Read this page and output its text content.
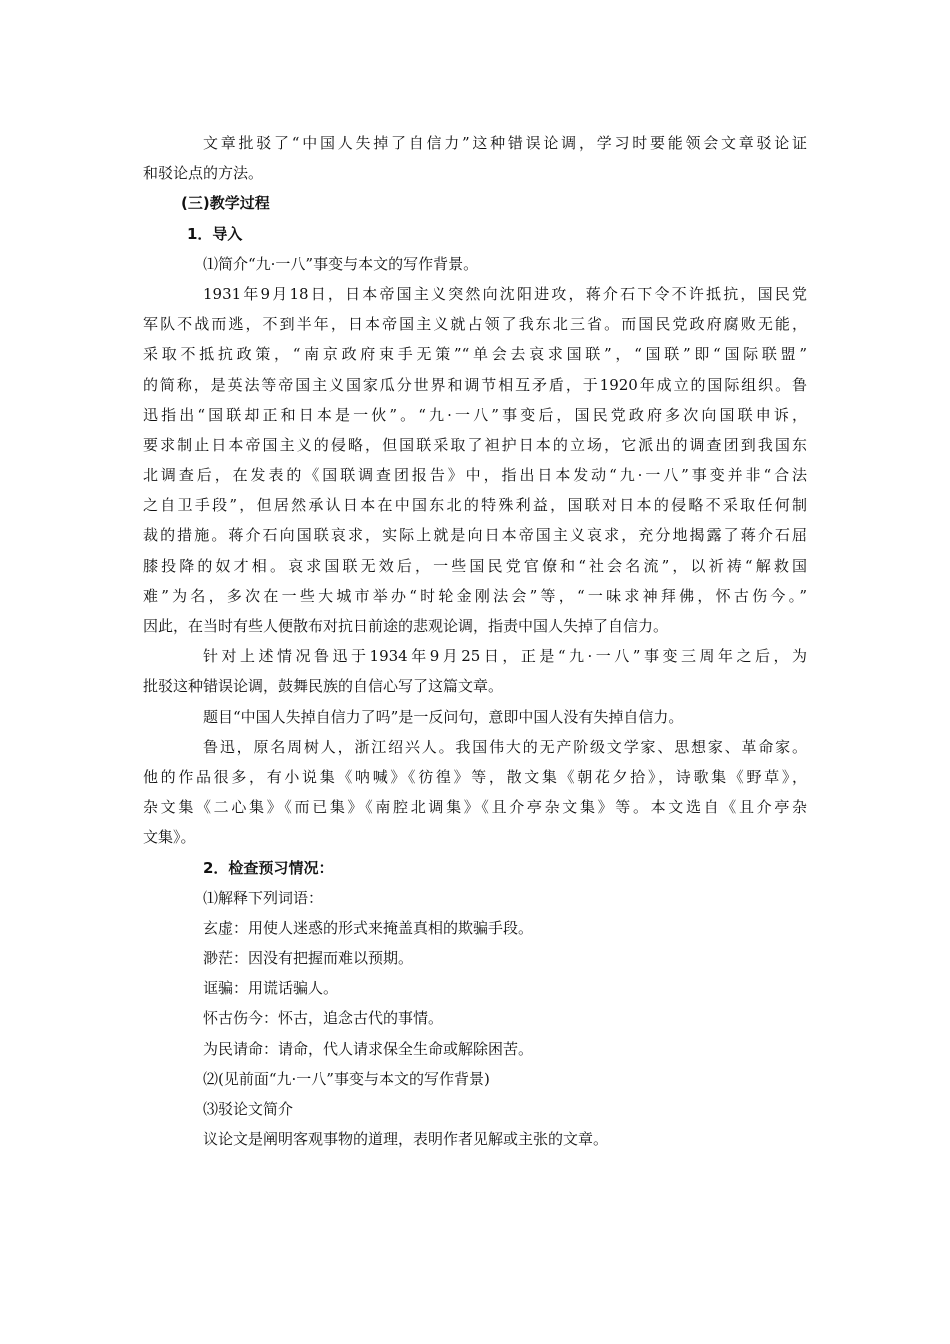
文章批驳了“中国人失掉了自信力”这种错误论调，学习时要能领会文章驳论证
和驳论点的方法。
(三)教学过程
1．导入
⑴简介“九·一八”事变与本文的写作背景。
1931年9月18日，日本帝国主义突然向沈阳进攻，蒋介石下令不许抵抗，国民党
军队不战而逃，不到半年，日本帝国主义就占领了我东北三省。而国民党政府腐败无能，
采取不抵抗政策，“南京政府束手无策”“单会去哀求国联”，“国联”即“国际联盟”
的简称，是英法等帝国主义国家瓜分世界和调节相互矛盾，于1920年成立的国际组织。鲁
迅指出“国联却正和日本是一伙”。“九·一八”事变后，国民党政府多次向国联申诉，
要求制止日本帝国主义的侵略，但国联采取了袒护日本的立场，它派出的调查团到我国东
北调查后，在发表的《国联调查团报告》中，指出日本发动“九·一八”事变并非“合法
之自卫手段”，但居然承认日本在中国东北的特殊利益，国联对日本的侵略不采取任何制
裁的措施。蒋介石向国联哀求，实际上就是向日本帝国主义哀求，充分地揭露了蒋介石屈
膝投降的奴才相。哀求国联无效后，一些国民党官僚和“社会名流”，以祈祷“解救国
难”为名，多次在一些大城市举办“时轮金刚法会”等，“一味求神拜佛，怀古伤今。”
因此，在当时有些人便散布对抗日前途的悲观论调，指责中国人失掉了自信力。
针对上述情况鲁迅于1934年9月25日，正是“九·一八”事变三周年之后，为
批驳这种错误论调，鼓舞民族的自信心写了这篇文章。
题目“中国人失掉自信力了吗”是一反问句，意即中国人没有失掉自信力。
鲁迅，原名周树人，浙江绍兴人。我国伟大的无产阶级文学家、思想家、革命家。
他的作品很多，有小说集《呐喊》《彷徨》等，散文集《朝花夕拾》，诗歌集《野草》，
杂文集《二心集》《而已集》《南腔北调集》《且介亭杂文集》等。本文选自《且介亭杂
文集》。
2．检查预习情况：
⑴解释下列词语：
玄虚：用使人迷惑的形式来掩盖真相的欺骗手段。
渺茫：因没有把握而难以预期。
诓骗：用谎话骗人。
怀古伤今：怀古，追念古代的事情。
为民请命：请命，代人请求保全生命或解除困苦。
⑵(见前面“九·一八”事变与本文的写作背景)
⑶驳论文简介
议论文是阐明客观事物的道理，表明作者见解或主张的文章。
